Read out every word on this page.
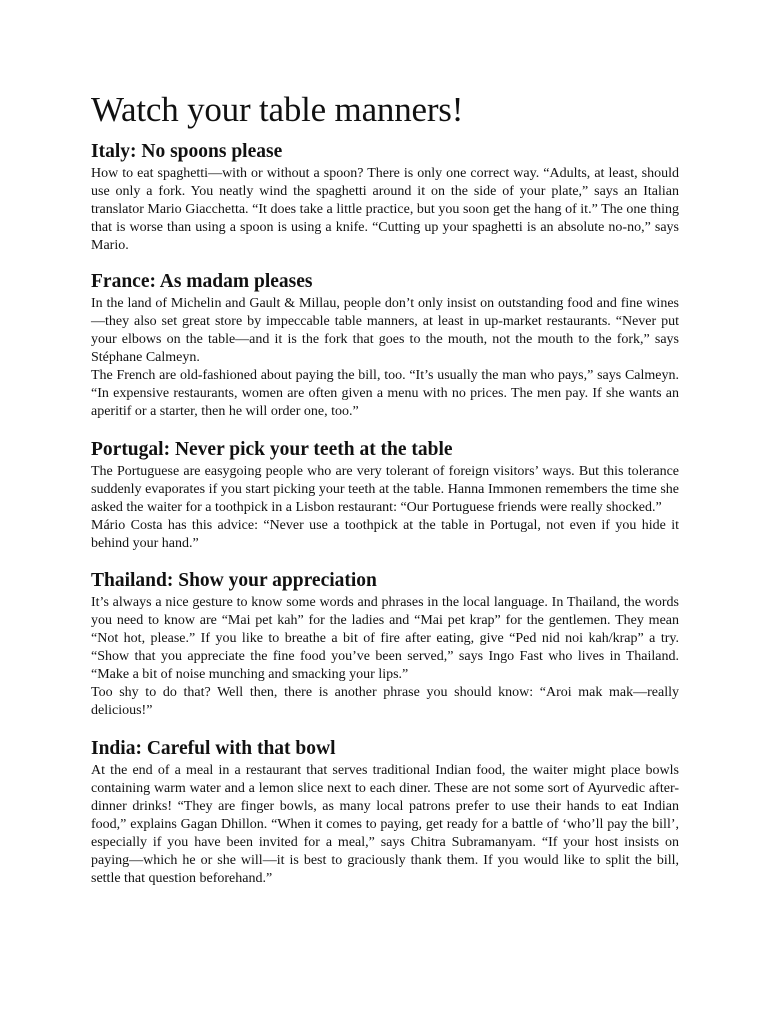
Watch your table manners!
Italy: No spoons please

How to eat spaghetti—with or without a spoon? There is only one correct way. “Adults, at least, should use only a fork. You neatly wind the spaghetti around it on the side of your plate,” says an Italian translator Mario Giacchetta. “It does take a little practice, but you soon get the hang of it.” The one thing that is worse than using a spoon is using a knife. “Cutting up your spaghetti is an absolute no-no,” says Mario.

France: As madam pleases

In the land of Michelin and Gault & Millau, people don’t only insist on outstanding food and fine wines—they also set great store by impeccable table manners, at least in up-market restaurants. “Never put your elbows on the table—and it is the fork that goes to the mouth, not the mouth to the fork,” says Stéphane Calmeyn.

The French are old-fashioned about paying the bill, too. “It’s usually the man who pays,” says Calmeyn. “In expensive restaurants, women are often given a menu with no prices. The men pay. If she wants an aperitif or a starter, then he will order one, too.”

Portugal: Never pick your teeth at the table

The Portuguese are easygoing people who are very tolerant of foreign visitors’ ways. But this tolerance suddenly evaporates if you start picking your teeth at the table. Hanna Immonen remembers the time she asked the waiter for a toothpick in a Lisbon restaurant: “Our Portuguese friends were really shocked.”

Mário Costa has this advice: “Never use a toothpick at the table in Portugal, not even if you hide it behind your hand.”

Thailand: Show your appreciation

It’s always a nice gesture to know some words and phrases in the local language. In Thailand, the words you need to know are “Mai pet kah” for the ladies and “Mai pet krap” for the gentlemen. They mean “Not hot, please.” If you like to breathe a bit of fire after eating, give “Ped nid noi kah/krap” a try. “Show that you appreciate the fine food you’ve been served,” says Ingo Fast who lives in Thailand. “Make a bit of noise munching and smacking your lips.”

Too shy to do that? Well then, there is another phrase you should know: “Aroi mak mak—really delicious!”

India: Careful with that bowl

At the end of a meal in a restaurant that serves traditional Indian food, the waiter might place bowls containing warm water and a lemon slice next to each diner. These are not some sort of Ayurvedic after-dinner drinks! “They are finger bowls, as many local patrons prefer to use their hands to eat Indian food,” explains Gagan Dhillon. “When it comes to paying, get ready for a battle of ‘who’ll pay the bill’, especially if you have been invited for a meal,” says Chitra Subramanyam. “If your host insists on paying—which he or she will—it is best to graciously thank them. If you would like to split the bill, settle that question beforehand.”
